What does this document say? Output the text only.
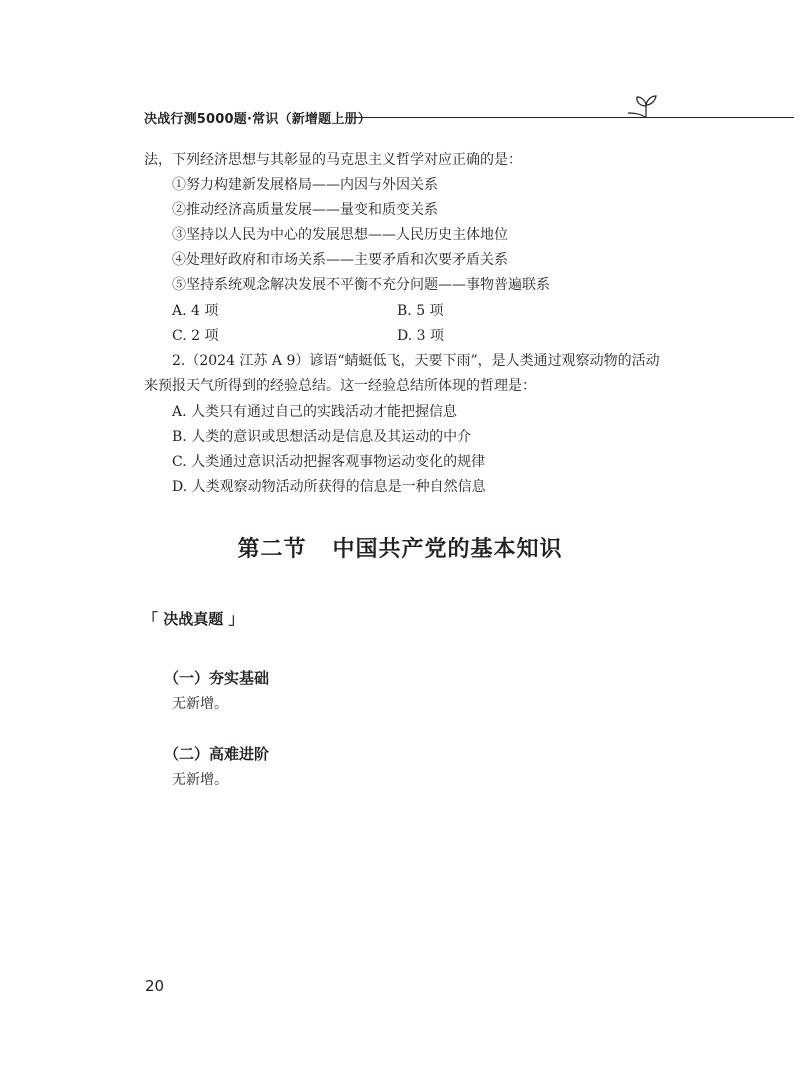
决战行测5000题·常识（新增题上册）
法，下列经济思想与其彰显的马克思主义哲学对应正确的是：
①努力构建新发展格局——内因与外因关系
②推动经济高质量发展——量变和质变关系
③坚持以人民为中心的发展思想——人民历史主体地位
④处理好政府和市场关系——主要矛盾和次要矛盾关系
⑤坚持系统观念解决发展不平衡不充分问题——事物普遍联系
A. 4 项	B. 5 项
C. 2 项	D. 3 项
2.（2024 江苏 A 9）谚语“蜻蜓低飞，天要下雨”，是人类通过观察动物的活动
来预报天气所得到的经验总结。这一经验总结所体现的哲理是：
A. 人类只有通过自己的实践活动才能把握信息
B. 人类的意识或思想活动是信息及其运动的中介
C. 人类通过意识活动把握客观事物运动变化的规律
D. 人类观察动物活动所获得的信息是一种自然信息
第二节 中国共产党的基本知识
「 决战真题 」
（一）夯实基础
无新增。
（二）高难进阶
无新增。
20
